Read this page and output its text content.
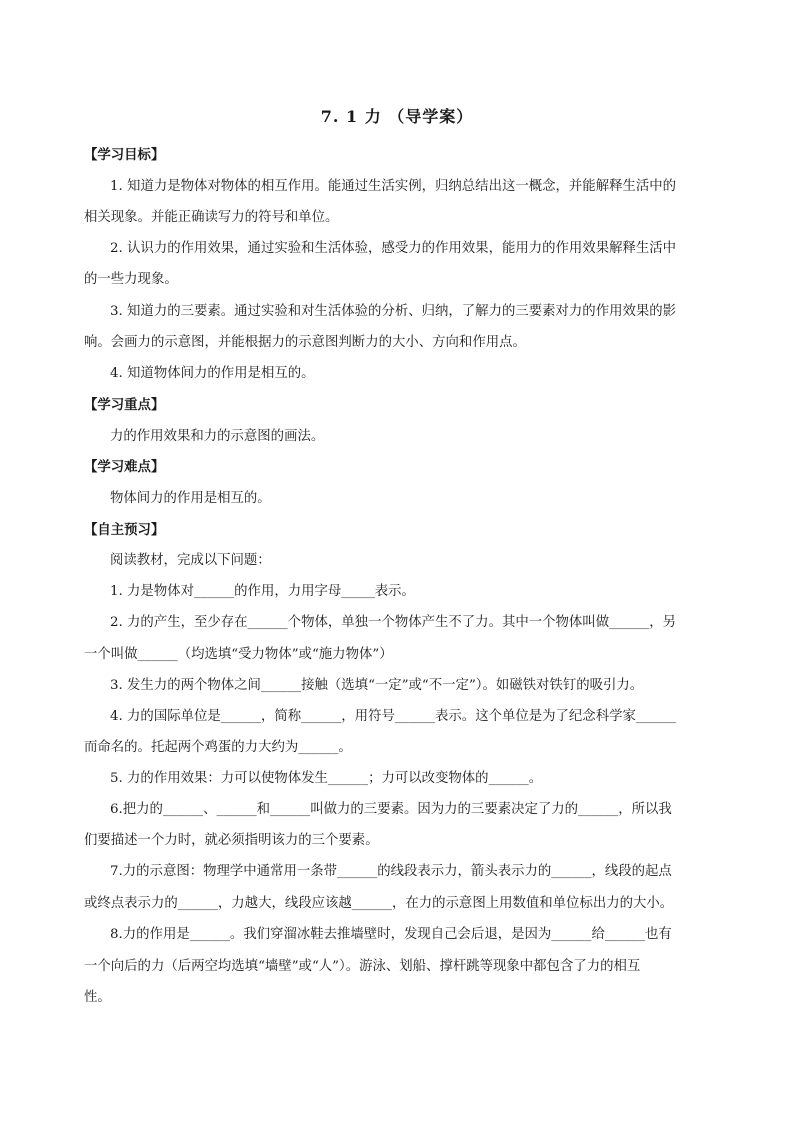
7. 1 力 （导学案）
【学习目标】
1. 知道力是物体对物体的相互作用。能通过生活实例，归纳总结出这一概念，并能解释生活中的
相关现象。并能正确读写力的符号和单位。
2. 认识力的作用效果，通过实验和生活体验，感受力的作用效果，能用力的作用效果解释生活中
的一些力现象。
3. 知道力的三要素。通过实验和对生活体验的分析、归纳，了解力的三要素对力的作用效果的影
响。会画力的示意图，并能根据力的示意图判断力的大小、方向和作用点。
4. 知道物体间力的作用是相互的。
【学习重点】
力的作用效果和力的示意图的画法。
【学习难点】
物体间力的作用是相互的。
【自主预习】
阅读教材，完成以下问题：
1. 力是物体对______的作用，力用字母_____表示。
2. 力的产生，至少存在______个物体，单独一个物体产生不了力。其中一个物体叫做______，另
一个叫做______（均选填“受力物体”或“施力物体”）
3. 发生力的两个物体之间______接触（选填“一定”或“不一定”）。如磁铁对铁钉的吸引力。
4. 力的国际单位是______，简称______，用符号______表示。这个单位是为了纪念科学家______
而命名的。托起两个鸡蛋的力大约为______。
5. 力的作用效果：力可以使物体发生______；力可以改变物体的______。
6.把力的______、______和______叫做力的三要素。因为力的三要素决定了力的______，所以我
们要描述一个力时，就必须指明该力的三个要素。
7.力的示意图：物理学中通常用一条带______的线段表示力，箭头表示力的______，线段的起点
或终点表示力的______，力越大，线段应该越______，在力的示意图上用数值和单位标出力的大小。
8.力的作用是______。我们穿溜冰鞋去推墙壁时，发现自己会后退，是因为______给______也有
一个向后的力（后两空均选填“墙壁”或“人”）。游泳、划船、撑杆跳等现象中都包含了力的相互
性。
